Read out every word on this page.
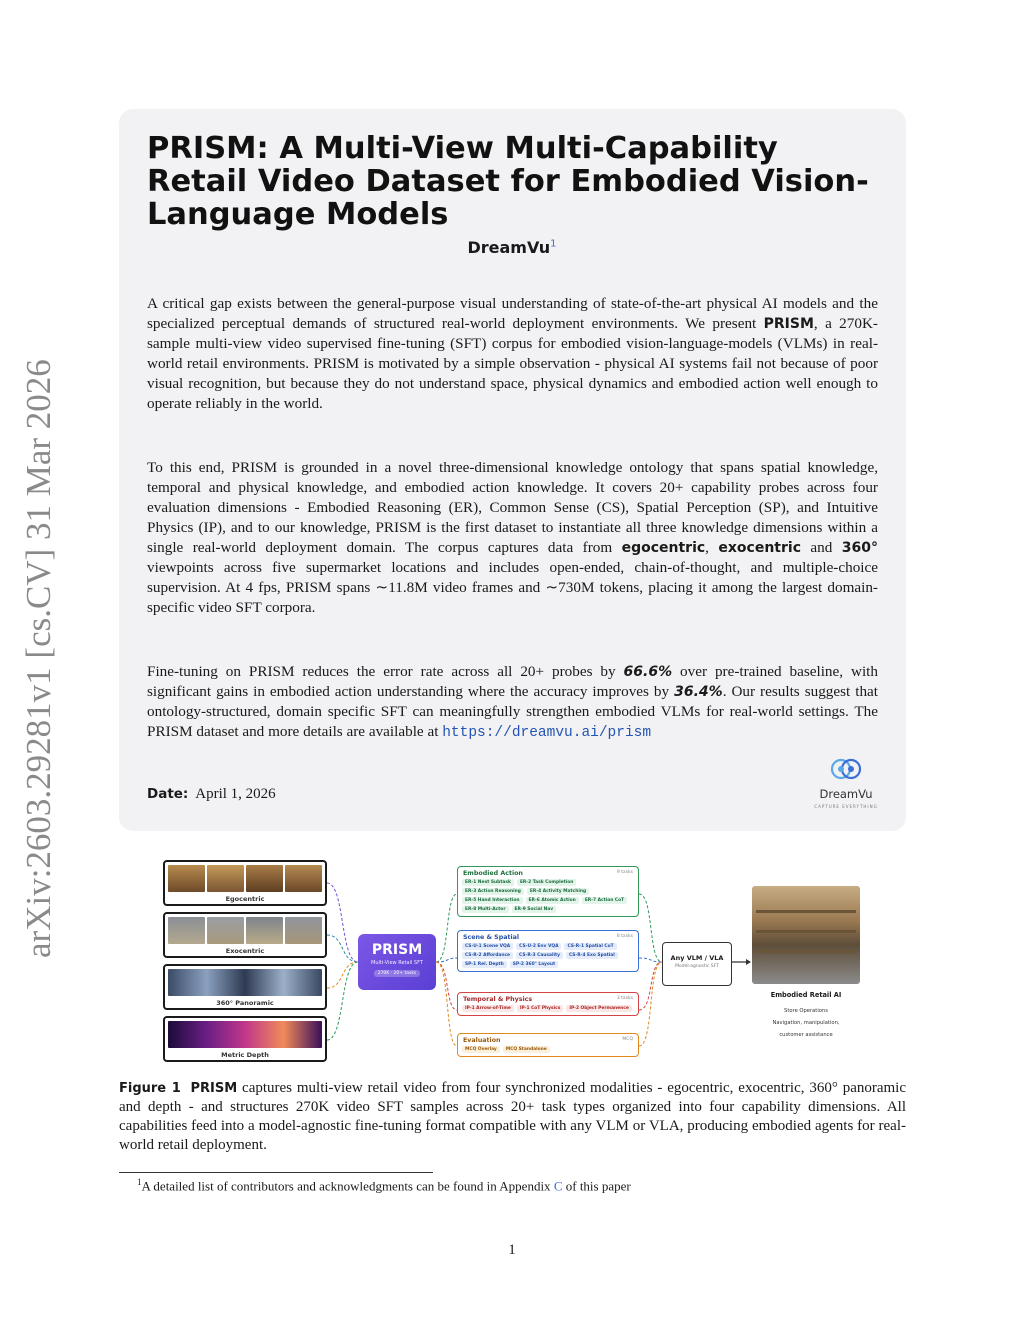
arXiv:2603.29281v1 [cs.CV] 31 Mar 2026
PRISM: A Multi-View Multi-Capability Retail Video Dataset for Embodied Vision-Language Models
DreamVu$^1$

A critical gap exists between the general-purpose visual understanding of state-of-the-art physical AI models and the specialized perceptual demands of structured real-world deployment environments. We present PRISM, a 270K-sample multi-view video supervised fine-tuning (SFT) corpus for embodied vision-language-models (VLMs) in real-world retail environments. PRISM is motivated by a simple observation - physical AI systems fail not because of poor visual recognition, but because they do not understand space, physical dynamics and embodied action well enough to operate reliably in the world.

To this end, PRISM is grounded in a novel three-dimensional knowledge ontology that spans spatial knowledge, temporal and physical knowledge, and embodied action knowledge. It covers 20+ capability probes across four evaluation dimensions - Embodied Reasoning (ER), Common Sense (CS), Spatial Perception (SP), and Intuitive Physics (IP), and to our knowledge, PRISM is the first dataset to instantiate all three knowledge dimensions within a single real-world deployment domain. The corpus captures data from egocentric, exocentric and 360° viewpoints across five supermarket locations and includes open-ended, chain-of-thought, and multiple-choice supervision. At 4 fps, PRISM spans ∼11.8M video frames and ∼730M tokens, placing it among the largest domain-specific video SFT corpora.

Fine-tuning on PRISM reduces the error rate across all 20+ probes by 66.6% over pre-trained baseline, with significant gains in embodied action understanding where the accuracy improves by 36.4%. Our results suggest that ontology-structured, domain specific SFT can meaningfully strengthen embodied VLMs for real-world settings. The PRISM dataset and more details are available at https://dreamvu.ai/prism

Date: April 1, 2026	DreamVu
CAPTURE EVERYTHING
Egocentric
Exocentric
360° Panoramic
Metric Depth
PRISM
Multi-View Retail SFT
270K · 20+ tasks
Embodied Action	9 tasks
ER-1 Next Subtask	ER-2 Task Completion
ER-3 Action Reasoning	ER-4 Activity Matching
ER-5 Hand Interaction	ER-6 Atomic Action	ER-7 Action CoT
ER-8 Multi-Actor	ER-9 Social Nav
Scene & Spatial	8 tasks
CS-U-1 Scene VQA	CS-U-2 Env VQA	CS-R-1 Spatial CoT
CS-R-2 Affordance	CS-R-3 Causality	CS-R-4 Exo Spatial
SP-1 Rel. Depth	SP-2 360° Layout
Temporal & Physics	3 tasks
IP-1 Arrow-of-Time	IP-1 CoT Physics	IP-2 Object Permanence
Evaluation	MCQ
MCQ Overlay	MCQ Standalone
Any VLM / VLA
Model-agnostic SFT
Embodied Retail AI
Store Operations
Navigation, manipulation,
customer assistance

Figure 1 PRISM captures multi-view retail video from four synchronized modalities - egocentric, exocentric, 360° panoramic and depth - and structures 270K video SFT samples across 20+ task types organized into four capability dimensions. All capabilities feed into a model-agnostic fine-tuning format compatible with any VLM or VLA, producing embodied agents for real-world retail deployment.

$^1$A detailed list of contributors and acknowledgments can be found in Appendix C of this paper
1
